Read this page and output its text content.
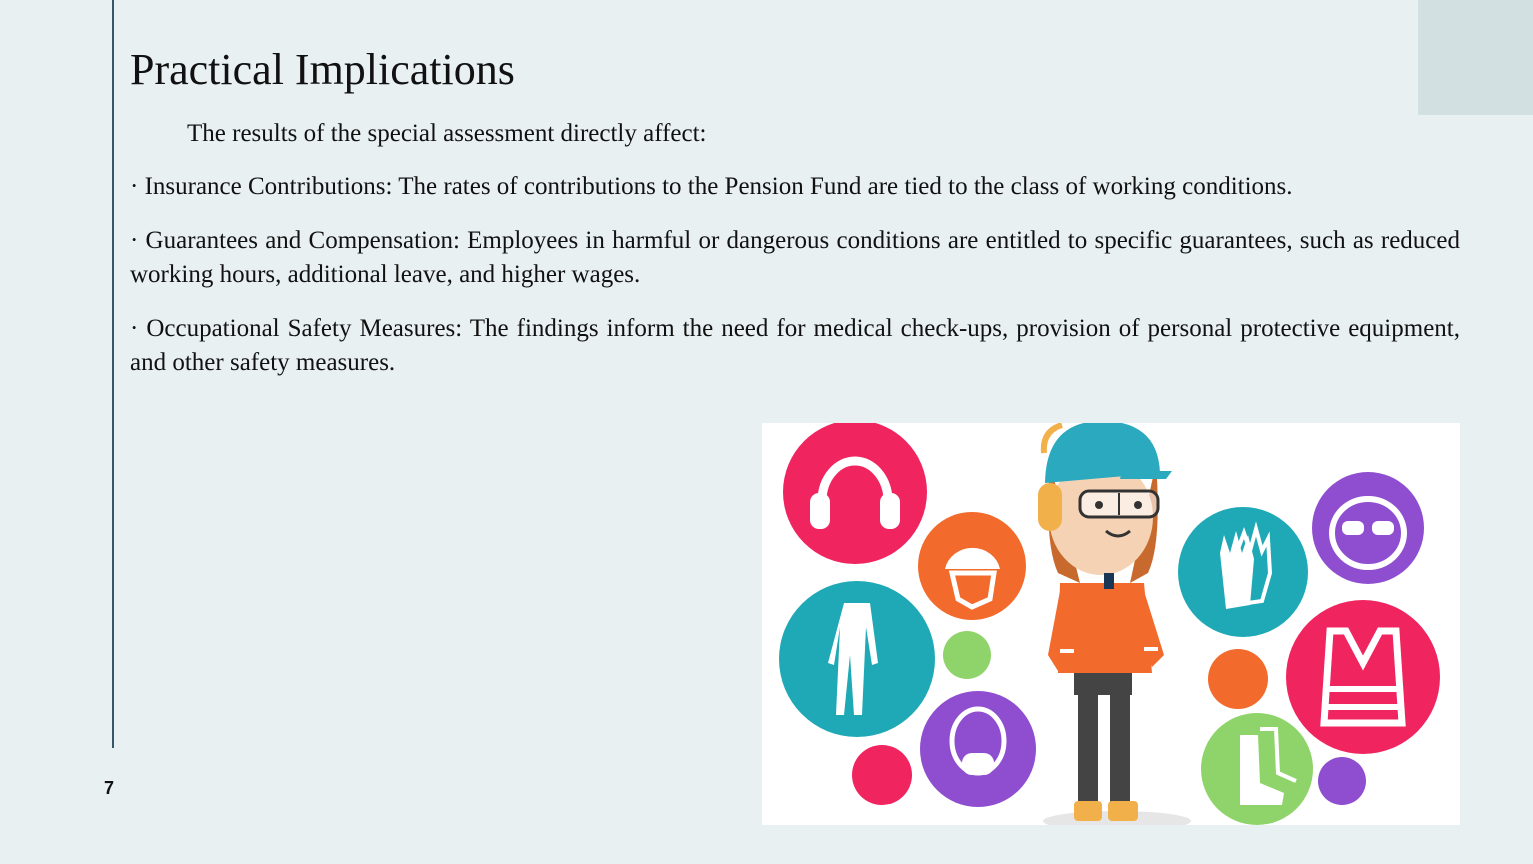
Practical Implications

The results of the special assessment directly affect:

· Insurance Contributions: The rates of contributions to the Pension Fund are tied to the class of working conditions.

· Guarantees and Compensation: Employees in harmful or dangerous conditions are entitled to specific guarantees, such as reduced working hours, additional leave, and higher wages.

· Occupational Safety Measures: The findings inform the need for medical check-ups, provision of personal protective equipment, and other safety measures.

7
